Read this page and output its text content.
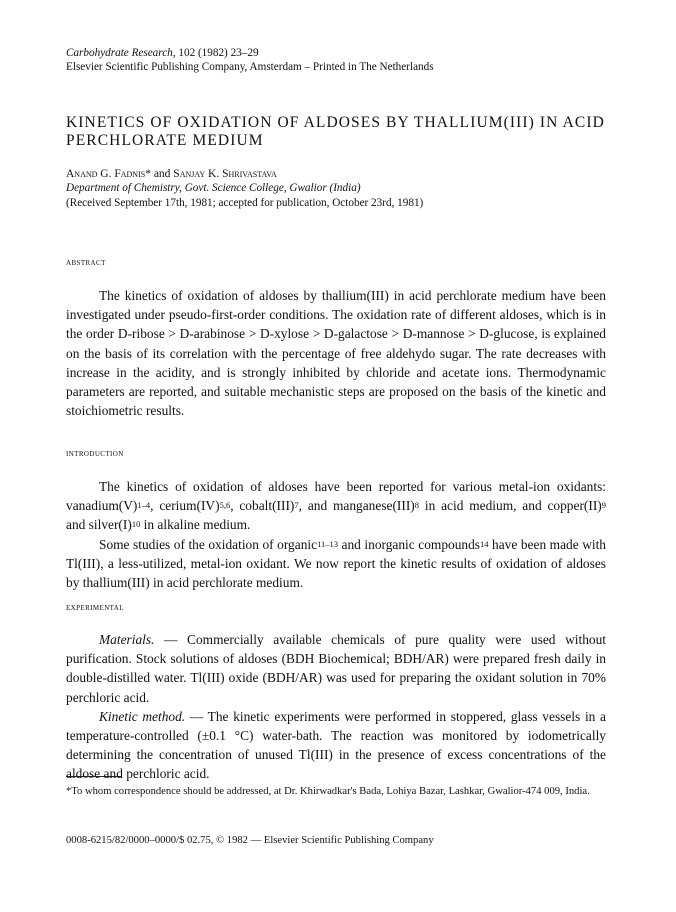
Carbohydrate Research, 102 (1982) 23–29

Elsevier Scientific Publishing Company, Amsterdam – Printed in The Netherlands

KINETICS OF OXIDATION OF ALDOSES BY THALLIUM(III) IN ACID

PERCHLORATE MEDIUM

Anand G. Fadnis* and Sanjay K. Shrivastava

Department of Chemistry, Govt. Science College, Gwalior (India)

(Received September 17th, 1981; accepted for publication, October 23rd, 1981)

abstract

The kinetics of oxidation of aldoses by thallium(III) in acid perchlorate medium have been investigated under pseudo-first-order conditions. The oxidation rate of different aldoses, which is in the order D-ribose > D-arabinose > D-xylose > D-galactose > D-mannose > D-glucose, is explained on the basis of its correlation with the percentage of free aldehydo sugar. The rate decreases with increase in the acidity, and is strongly inhibited by chloride and acetate ions. Thermodynamic parameters are reported, and suitable mechanistic steps are proposed on the basis of the kinetic and stoichiometric results.

introduction

The kinetics of oxidation of aldoses have been reported for various metal-ion oxidants: $vanadium(V)^{1-4}$, cerium(IV)$^{5,6}$, cobalt(III)$^7$, and manganese(III)$^8$ in acid medium, and copper(II)$^9$ and $silver(I)^{10}$ in alkaline medium.

Some studies of the oxidation of organic$^{11-13}$ and inorganic compounds$^{14}$ have been made with Tl(III), a less-utilized, metal-ion oxidant. We now report the kinetic results of oxidation of aldoses by thallium(III) in acid perchlorate medium.

experimental

Materials. — Commercially available chemicals of pure quality were used without purification. Stock solutions of aldoses (BDH Biochemical; BDH/AR) were prepared fresh daily in double-distilled water. Tl(III) oxide (BDH/AR) was used for preparing the oxidant solution in 70% perchloric acid.

Kinetic method. — The kinetic experiments were performed in stoppered, glass vessels in a temperature-controlled (±0.1 °C) water-bath. The reaction was monitored by iodometrically determining the concentration of unused Tl(III) in the presence of excess concentrations of the aldose and perchloric acid.

*To whom correspondence should be addressed, at Dr. Khirwadkar's Bada, Lohiya Bazar, Lashkar, Gwalior-474 009, India.

0008-6215/82/0000–0000/$ 02.75, © 1982 — Elsevier Scientific Publishing Company
